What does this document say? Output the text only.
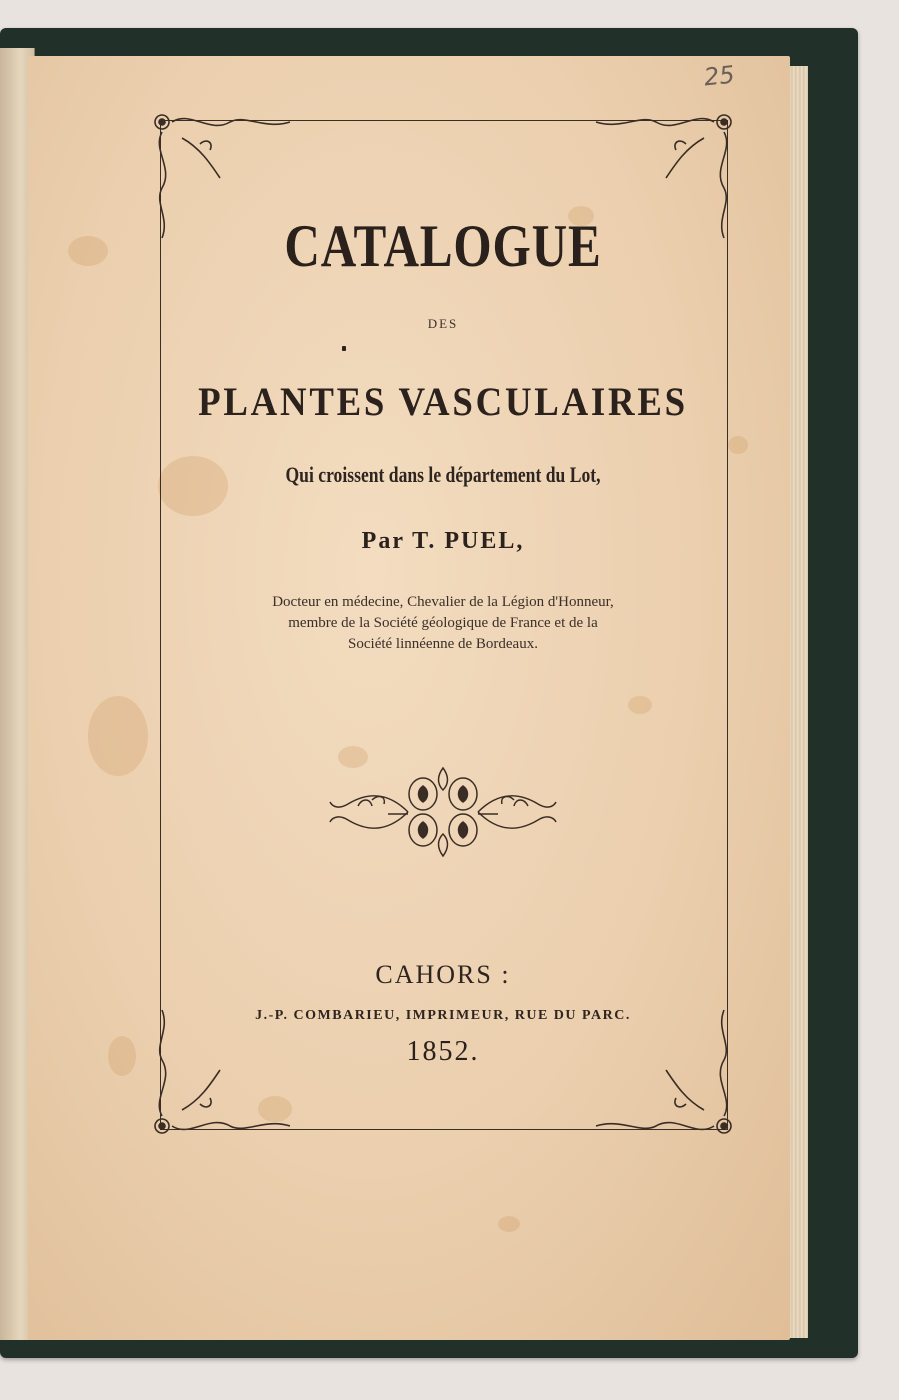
25
CATALOGUE
DES
PLANTES VASCULAIRES
Qui croissent dans le département du Lot,
Par T. PUEL,
Docteur en médecine, Chevalier de la Légion d'Honneur,
membre de la Société géologique de France et de la
Société linnéenne de Bordeaux.
CAHORS :
J.-P. COMBARIEU, IMPRIMEUR, RUE DU PARC.
1852.
